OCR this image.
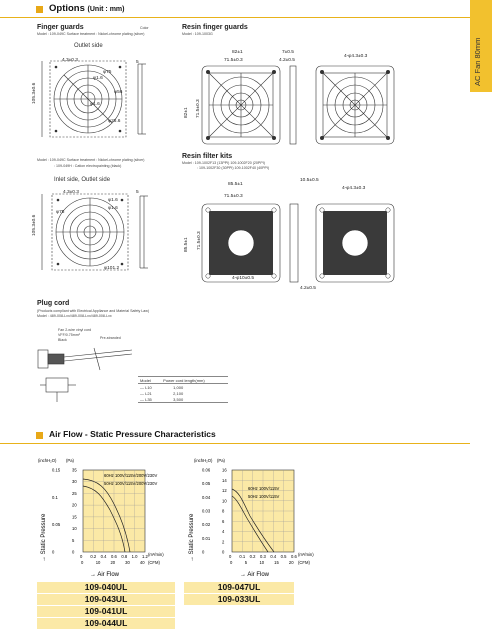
AC Fan 80mm
Options (Unit : mm)
Finger guards	Color
Model : 109-049C Surface treatment : Nickel-chrome plating (silver)
Outlet side
4.3±0.3	5
φ75
φ1.6
φ56
φ1.6
φ26.6
105.3±0.6
Model : 109-049C Surface treatment : Nickel-chrome plating (silver)
: 109-049H : Cation electropainting (black)
Inlet side, Outlet side
4.3±0.3	5
φ75
φ1.6
φ1.6
φ101.2
105.3±0.6
Resin finger guards
Model : 109-1003G
82±1
71.5±0.3
7±0.5
4.2±0.5
4-φ4.3±0.3
82±1 71.5±0.3
Resin filter kits
Model : 109-1002F13 (13PPI) 109-1002F20 (20PPI)
: 109-1002F30 (30PPI) 109-1002F40 (40PPI)
85.5±1
71.5±0.3
10.5±0.5
4-φ4.3±0.3
85.5±1 71.5±0.3
4-φ10±0.5
4.2±0.5
Plug cord
(Products compliant with Electrical Appliance and Material Safety Law)
Model : 489-008-Lxx/489-008-Lxx/489-008-Lxx
Fan 2-wire vinyl cord
VFF/0.75mm²
Black	Pre-stranded
Model	Power cord length(mm)
— L10	1,000
— L21	2,100
— L35	3,500
Air Flow - Static Pressure Characteristics
(inchH₂O) (Pa)
→ Static Pressure
60Hz 100V/115V/200V/230V
50Hz 100V/115V/200V/230V
(m³/min)
(CFM)
→ Air Flow
0 0.2 0.4 0.6 0.8 1.0 1.2
0	10 20 30 40
35
30
25
20
15
10
5
0
0.15
0.1
0.05
0
(inchH₂O) (Pa)
→ Static Pressure
60Hz 100V/115V
50Hz 100V/115V
(m³/min)
(CFM)
→ Air Flow
0 0.1 0.2 0.3 0.4 0.5 0.6
0	5	10 15 20
16
14
12
10
8
6
4
2
0
0.06
0.05
0.04
0.03
0.02
0.01
0
109-040UL
109-043UL
109-041UL
109-044UL
109-047UL
109-033UL
